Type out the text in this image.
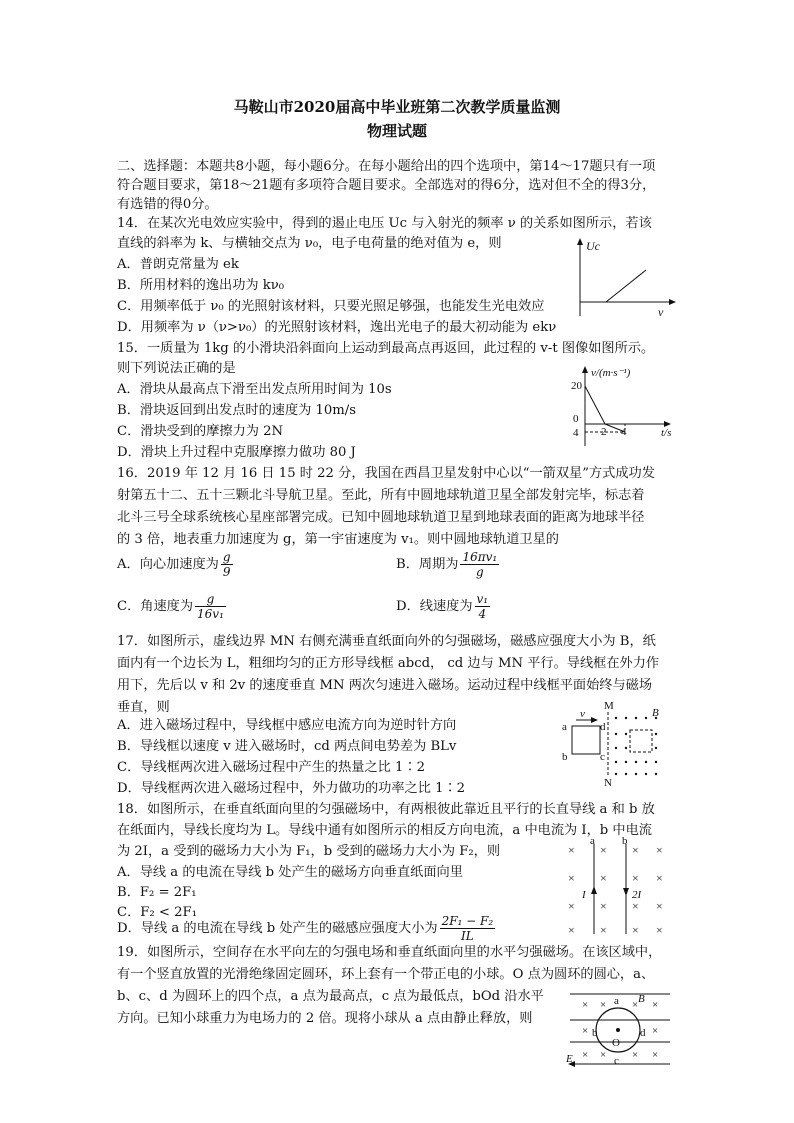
马鞍山市2020届高中毕业班第二次教学质量监测
物理试题
二、选择题：本题共8小题，每小题6分。在每小题给出的四个选项中，第14～17题只有一项
符合题目要求，第18～21题有多项符合题目要求。全部选对的得6分，选对但不全的得3分，
有选错的得0分。
14．在某次光电效应实验中，得到的遏止电压 Uc 与入射光的频率 ν 的关系如图所示，若该
直线的斜率为 k、与横轴交点为 ν₀，电子电荷量的绝对值为 e，则
A．普朗克常量为 ek
B．所用材料的逸出功为 kν₀
C．用频率低于 ν₀ 的光照射该材料，只要光照足够强，也能发生光电效应
D．用频率为 ν（ν>ν₀）的光照射该材料，逸出光电子的最大初动能为 ekν
Uc
ν
15．一质量为 1kg 的小滑块沿斜面向上运动到最高点再返回，此过程的 v-t 图像如图所示。
则下列说法正确的是
A．滑块从最高点下滑至出发点所用时间为 10s
B．滑块返回到出发点时的速度为 10m/s
C．滑块受到的摩擦力为 2N
D．滑块上升过程中克服摩擦力做功 80 J
v/(m·s⁻¹)
20
0
4 2 4	t/s
16．2019 年 12 月 16 日 15 时 22 分，我国在西昌卫星发射中心以“一箭双星”方式成功发
射第五十二、五十三颗北斗导航卫星。至此，所有中圆地球轨道卫星全部发射完毕，标志着
北斗三号全球系统核心星座部署完成。已知中圆地球轨道卫星到地球表面的距离为地球半径
的 3 倍，地表重力加速度为 g，第一宇宙速度为 v₁。则中圆地球轨道卫星的
A．向心加速度为 $\frac{g}{9}$	B．周期为 $\frac{\text{16πv₁}}{g}$
C．角速度为 $\frac{g}{\text{16v₁}}$	D．线速度为 $\frac{\text{v₁}}{4}$
17．如图所示，虚线边界 MN 右侧充满垂直纸面向外的匀强磁场，磁感应强度大小为 B，纸
面内有一个边长为 L，粗细均匀的正方形导线框 abcd， cd 边与 MN 平行。导线框在外力作
用下，先后以 v 和 2v 的速度垂直 MN 两次匀速进入磁场。运动过程中线框平面始终与磁场
垂直，则
A．进入磁场过程中，导线框中感应电流方向为逆时针方向
B．导线框以速度 v 进入磁场时，cd 两点间电势差为 BLv
C．导线框两次进入磁场过程中产生的热量之比 1∶2
D．导线框两次进入磁场过程中，外力做功的功率之比 1∶2
M
N
B
v
a
b	c
d
18．如图所示，在垂直纸面向里的匀强磁场中，有两根彼此靠近且平行的长直导线 a 和 b 放
在纸面内，导线长度均为 L。导线中通有如图所示的相反方向电流，a 中电流为 I，b 中电流
为 2I，a 受到的磁场力大小为 F₁，b 受到的磁场力大小为 F₂，则
A．导线 a 的电流在导线 b 处产生的磁场方向垂直纸面向里
B．F₂ = 2F₁
C．F₂ < 2F₁
D．导线 a 的电流在导线 b 处产生的磁感应强度大小为 $\frac{\text{2F₁ − F₂}}{IL}$
× × × ×
× × × ×
× × × ×
× × × ×
a b
I	2I
19．如图所示，空间存在水平向左的匀强电场和垂直纸面向里的水平匀强磁场。在该区域中，
有一个竖直放置的光滑绝缘固定圆环，环上套有一个带正电的小球。O 点为圆环的圆心，a、
b、c、d 为圆环上的四个点，a 点为最高点，c 点为最低点，bOd 沿水平
方向。已知小球重力为电场力的 2 倍。现将小球从 a 点由静止释放，则
× × × ×
×	×
× × × ×
a
b
c
d
O
B
E
